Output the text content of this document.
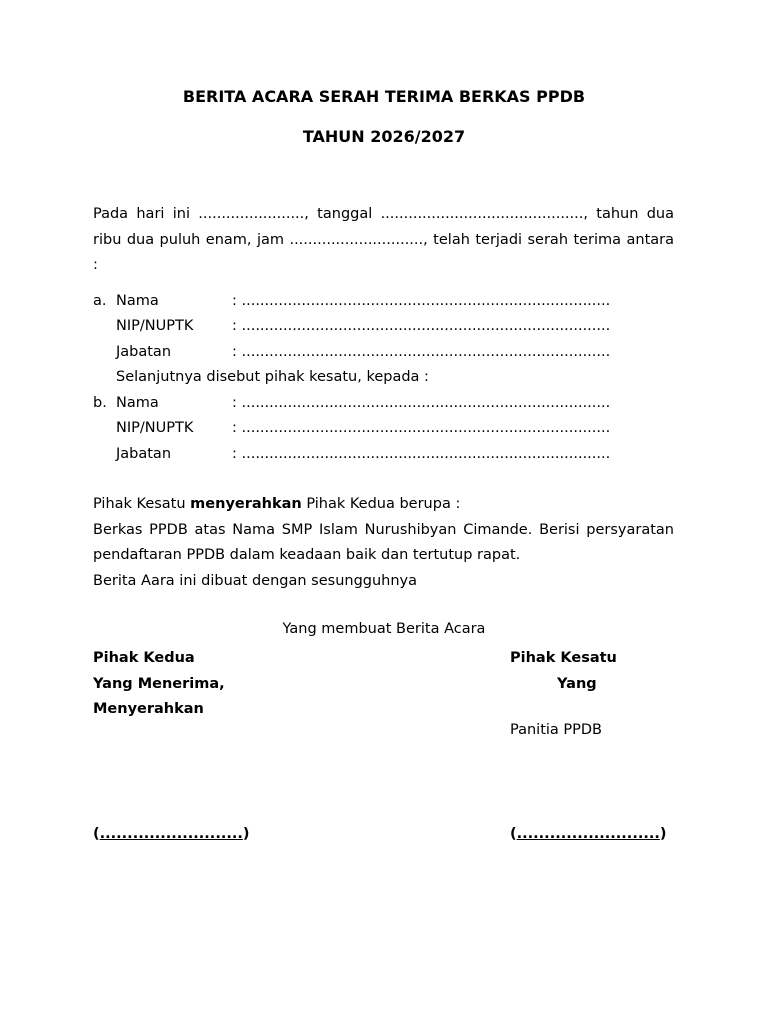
BERITA ACARA SERAH TERIMA BERKAS PPDB
TAHUN 2026/2027
Pada hari ini ......................., tanggal ............................................, tahun dua ribu dua puluh enam, jam ............................., telah terjadi serah terima antara :
a. Nama	: ................................................................................
NIP/NUPTK	: ................................................................................
Jabatan	: ................................................................................
Selanjutnya disebut pihak kesatu, kepada :
b. Nama	: ................................................................................
NIP/NUPTK	: ................................................................................
Jabatan	: ................................................................................

Pihak Kesatu menyerahkan Pihak Kedua berupa :

Berkas PPDB atas Nama SMP Islam Nurushibyan Cimande. Berisi persyaratan pendaftaran PPDB dalam keadaan baik dan tertutup rapat.

Berita Aara ini dibuat dengan sesungguhnya

Yang membuat Berita Acara
Pihak Kedua
Yang Menerima,
Menyerahkan
Pihak Kesatu
Yang
Panitia PPDB
(..........................)	(..........................)
